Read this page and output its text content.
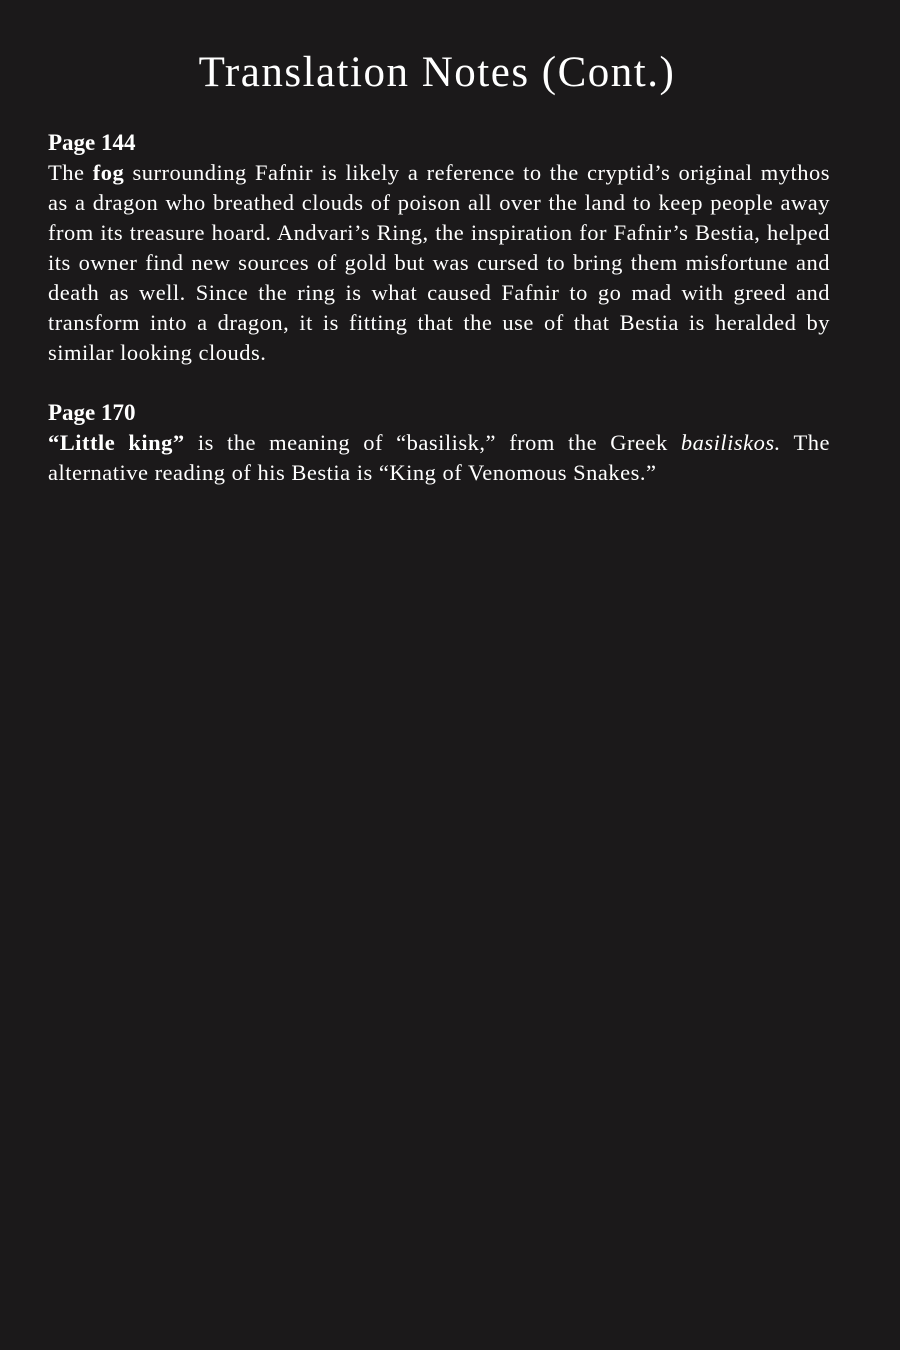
Translation Notes (Cont.)
Page 144

The fog surrounding Fafnir is likely a reference to the cryptid’s original mythos as a dragon who breathed clouds of poison all over the land to keep people away from its treasure hoard. Andvari’s Ring, the inspiration for Fafnir’s Bestia, helped its owner find new sources of gold but was cursed to bring them misfortune and death as well. Since the ring is what caused Fafnir to go mad with greed and transform into a dragon, it is fitting that the use of that Bestia is heralded by similar looking clouds.

Page 170

“Little king” is the meaning of “basilisk,” from the Greek basiliskos. The alternative reading of his Bestia is “King of Venomous Snakes.”
